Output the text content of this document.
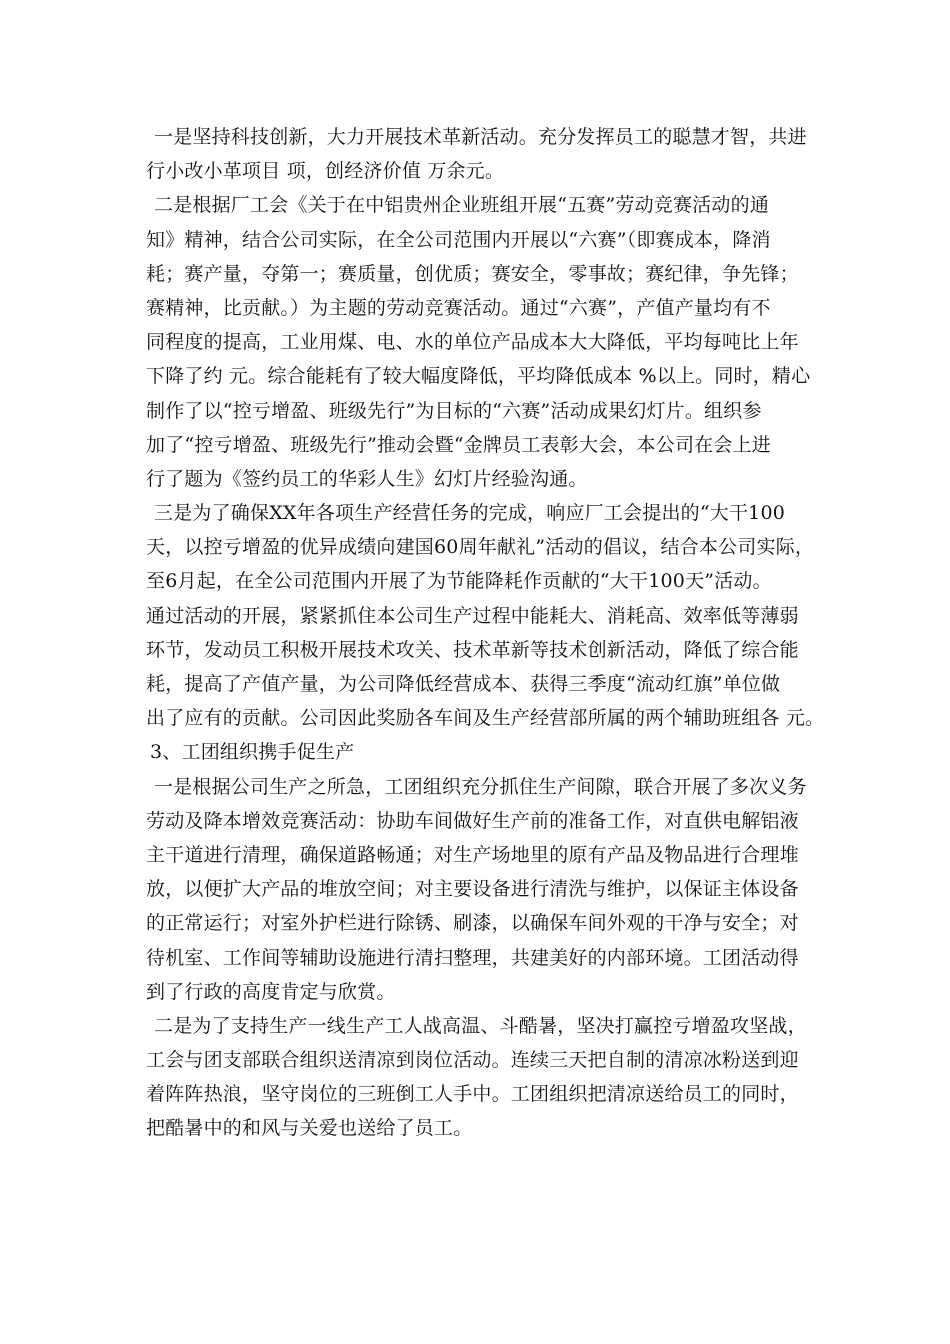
一是坚持科技创新，大力开展技术革新活动。充分发挥员工的聪慧才智，共进
行小改小革项目 项，创经济价值 万余元。
二是根据厂工会《关于在中铝贵州企业班组开展“五赛”劳动竞赛活动的通
知》精神，结合公司实际，在全公司范围内开展以“六赛”（即赛成本，降消
耗；赛产量，夺第一；赛质量，创优质；赛安全，零事故；赛纪律，争先锋；
赛精神，比贡献。）为主题的劳动竞赛活动。通过“六赛”，产值产量均有不
同程度的提高，工业用煤、电、水的单位产品成本大大降低，平均每吨比上年
下降了约 元。综合能耗有了较大幅度降低，平均降低成本 %以上。同时，精心
制作了以“控亏增盈、班级先行”为目标的“六赛”活动成果幻灯片。组织参
加了“控亏增盈、班级先行”推动会暨“金牌员工表彰大会，本公司在会上进
行了题为《签约员工的华彩人生》幻灯片经验沟通。
三是为了确保XX年各项生产经营任务的完成，响应厂工会提出的“大干100
天，以控亏增盈的优异成绩向建国60周年献礼”活动的倡议，结合本公司实际，
至6月起，在全公司范围内开展了为节能降耗作贡献的“大干100天”活动。
通过活动的开展，紧紧抓住本公司生产过程中能耗大、消耗高、效率低等薄弱
环节，发动员工积极开展技术攻关、技术革新等技术创新活动，降低了综合能
耗，提高了产值产量，为公司降低经营成本、获得三季度“流动红旗”单位做
出了应有的贡献。公司因此奖励各车间及生产经营部所属的两个辅助班组各 元。
3、工团组织携手促生产
一是根据公司生产之所急，工团组织充分抓住生产间隙，联合开展了多次义务
劳动及降本增效竞赛活动：协助车间做好生产前的准备工作，对直供电解铝液
主干道进行清理，确保道路畅通；对生产场地里的原有产品及物品进行合理堆
放，以便扩大产品的堆放空间；对主要设备进行清洗与维护，以保证主体设备
的正常运行；对室外护栏进行除锈、刷漆，以确保车间外观的干净与安全；对
待机室、工作间等辅助设施进行清扫整理，共建美好的内部环境。工团活动得
到了行政的高度肯定与欣赏。
二是为了支持生产一线生产工人战高温、斗酷暑，坚决打赢控亏增盈攻坚战，
工会与团支部联合组织送清凉到岗位活动。连续三天把自制的清凉冰粉送到迎
着阵阵热浪，坚守岗位的三班倒工人手中。工团组织把清凉送给员工的同时，
把酷暑中的和风与关爱也送给了员工。
